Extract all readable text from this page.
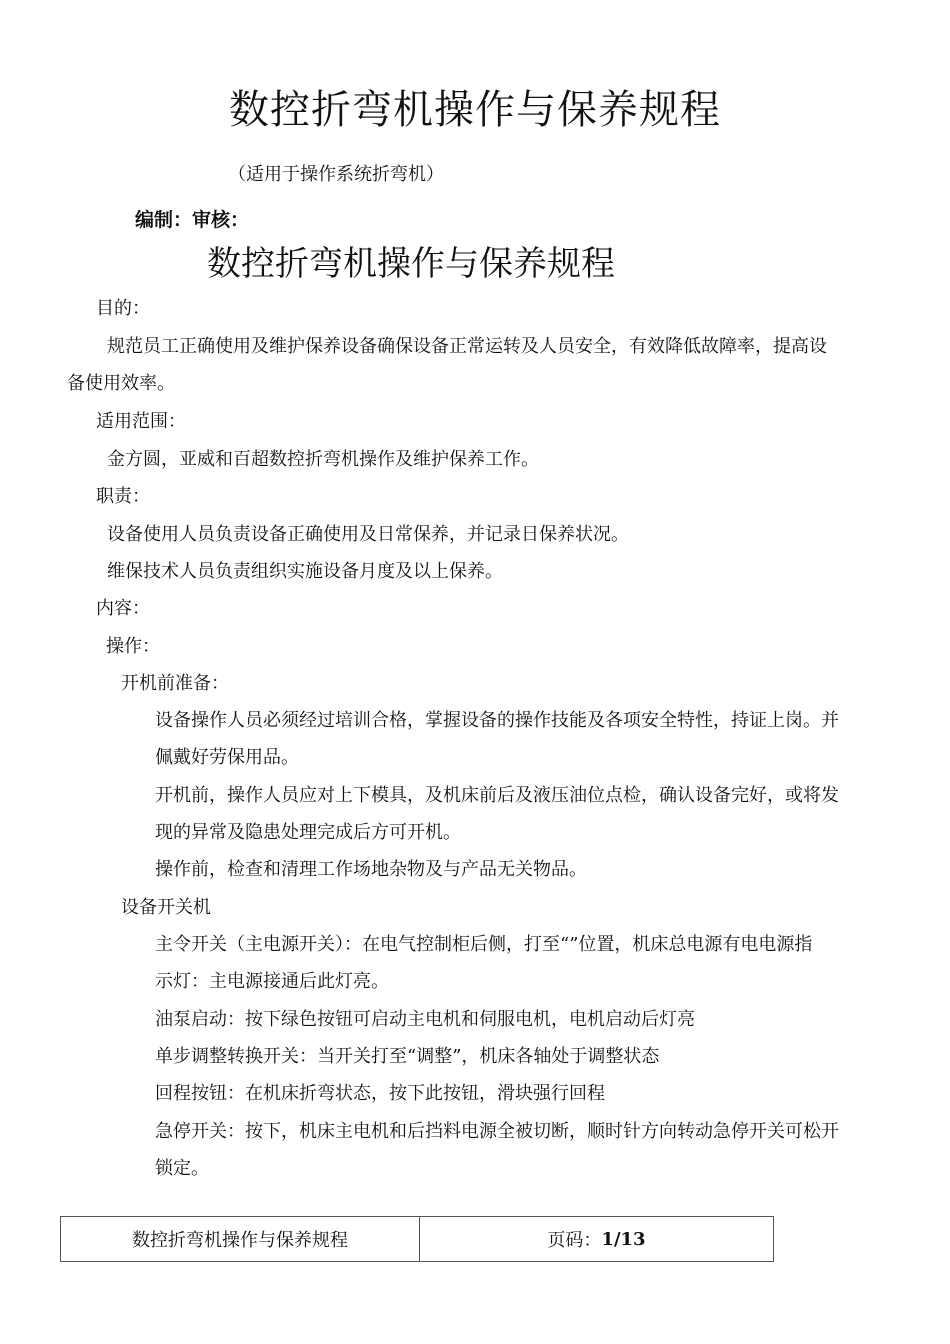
数控折弯机操作与保养规程
（适用于操作系统折弯机）
编制：审核：
数控折弯机操作与保养规程
目的：
规范员工正确使用及维护保养设备确保设备正常运转及人员安全，有效降低故障率，提高设
备使用效率。
适用范围：
金方圆，亚威和百超数控折弯机操作及维护保养工作。
职责：
设备使用人员负责设备正确使用及日常保养，并记录日保养状况。
维保技术人员负责组织实施设备月度及以上保养。
内容：
操作：
开机前准备：
设备操作人员必须经过培训合格，掌握设备的操作技能及各项安全特性，持证上岗。并
佩戴好劳保用品。
开机前，操作人员应对上下模具，及机床前后及液压油位点检，确认设备完好，或将发
现的异常及隐患处理完成后方可开机。
操作前，检查和清理工作场地杂物及与产品无关物品。
设备开关机
主令开关（主电源开关）：在电气控制柜后侧，打至“”位置，机床总电源有电电源指
示灯：主电源接通后此灯亮。
油泵启动：按下绿色按钮可启动主电机和伺服电机，电机启动后灯亮
单步调整转换开关：当开关打至“调整”，机床各轴处于调整状态
回程按钮：在机床折弯状态，按下此按钮，滑块强行回程
急停开关：按下，机床主电机和后挡料电源全被切断，顺时针方向转动急停开关可松开
锁定。
数控折弯机操作与保养规程	页码： 1/13
